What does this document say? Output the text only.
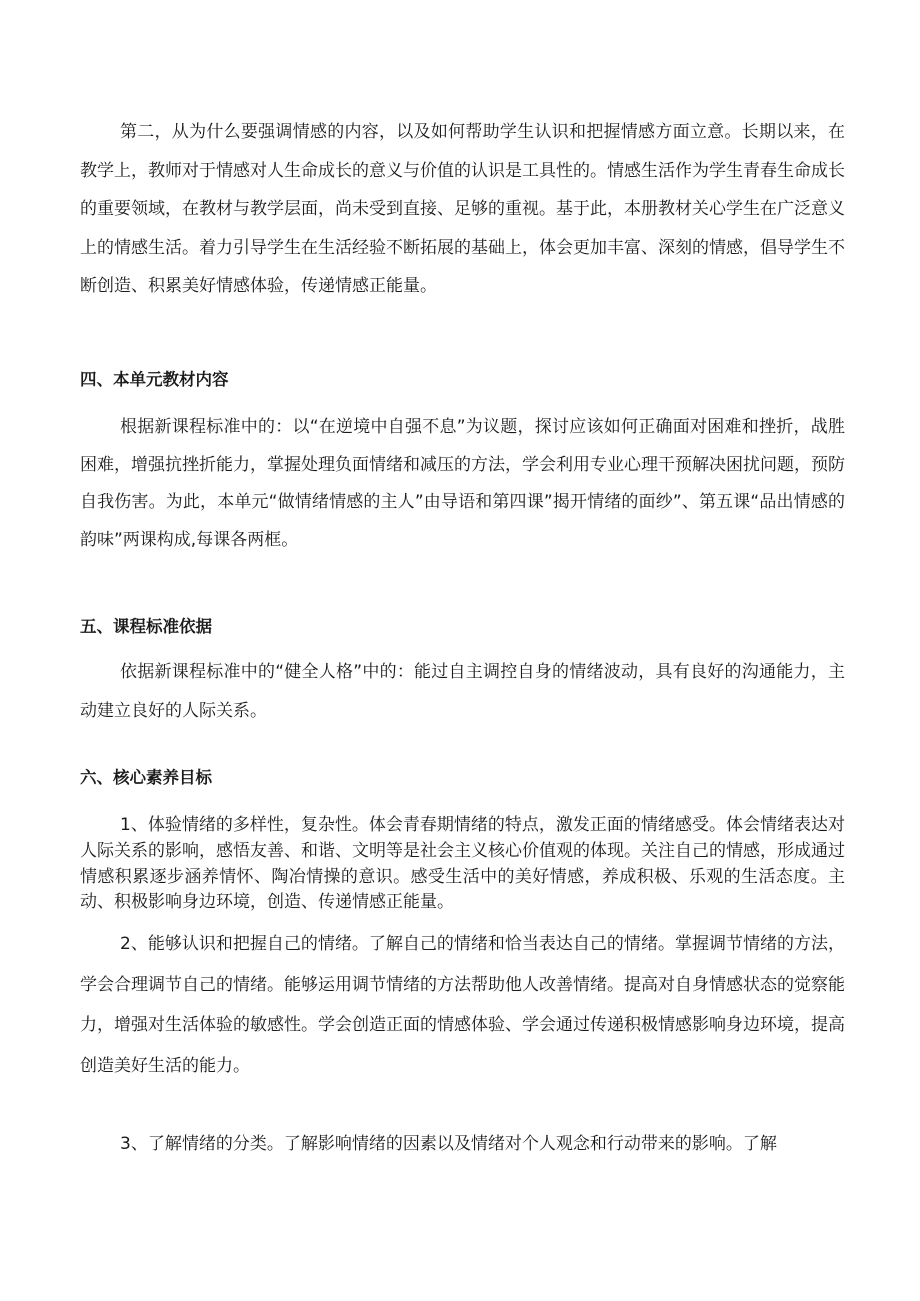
第二，从为什么要强调情感的内容，以及如何帮助学生认识和把握情感方面立意。长期以来，在教学上，教师对于情感对人生命成长的意义与价值的认识是工具性的。情感生活作为学生青春生命成长的重要领域，在教材与教学层面，尚未受到直接、足够的重视。基于此，本册教材关心学生在广泛意义上的情感生活。着力引导学生在生活经验不断拓展的基础上，体会更加丰富、深刻的情感，倡导学生不断创造、积累美好情感体验，传递情感正能量。

四、本单元教材内容

根据新课程标准中的：以“在逆境中自强不息”为议题，探讨应该如何正确面对困难和挫折，战胜困难，增强抗挫折能力，掌握处理负面情绪和减压的方法，学会利用专业心理干预解决困扰问题，预防自我伤害。为此，本单元“做情绪情感的主人”由导语和第四课”揭开情绪的面纱”、第五课“品出情感的韵味”两课构成,每课各两框。

五、课程标准依据

依据新课程标准中的“健全人格”中的：能过自主调控自身的情绪波动，具有良好的沟通能力，主动建立良好的人际关系。

六、核心素养目标

1、体验情绪的多样性，复杂性。体会青春期情绪的特点，激发正面的情绪感受。体会情绪表达对人际关系的影响，感悟友善、和谐、文明等是社会主义核心价值观的体现。关注自己的情感，形成通过情感积累逐步涵养情怀、陶冶情操的意识。感受生活中的美好情感，养成积极、乐观的生活态度。主动、积极影响身边环境，创造、传递情感正能量。

2、能够认识和把握自己的情绪。了解自己的情绪和恰当表达自己的情绪。掌握调节情绪的方法，学会合理调节自己的情绪。能够运用调节情绪的方法帮助他人改善情绪。提高对自身情感状态的觉察能力，增强对生活体验的敏感性。学会创造正面的情感体验、学会通过传递积极情感影响身边环境，提高创造美好生活的能力。

3、了解情绪的分类。了解影响情绪的因素以及情绪对个人观念和行动带来的影响。了解
